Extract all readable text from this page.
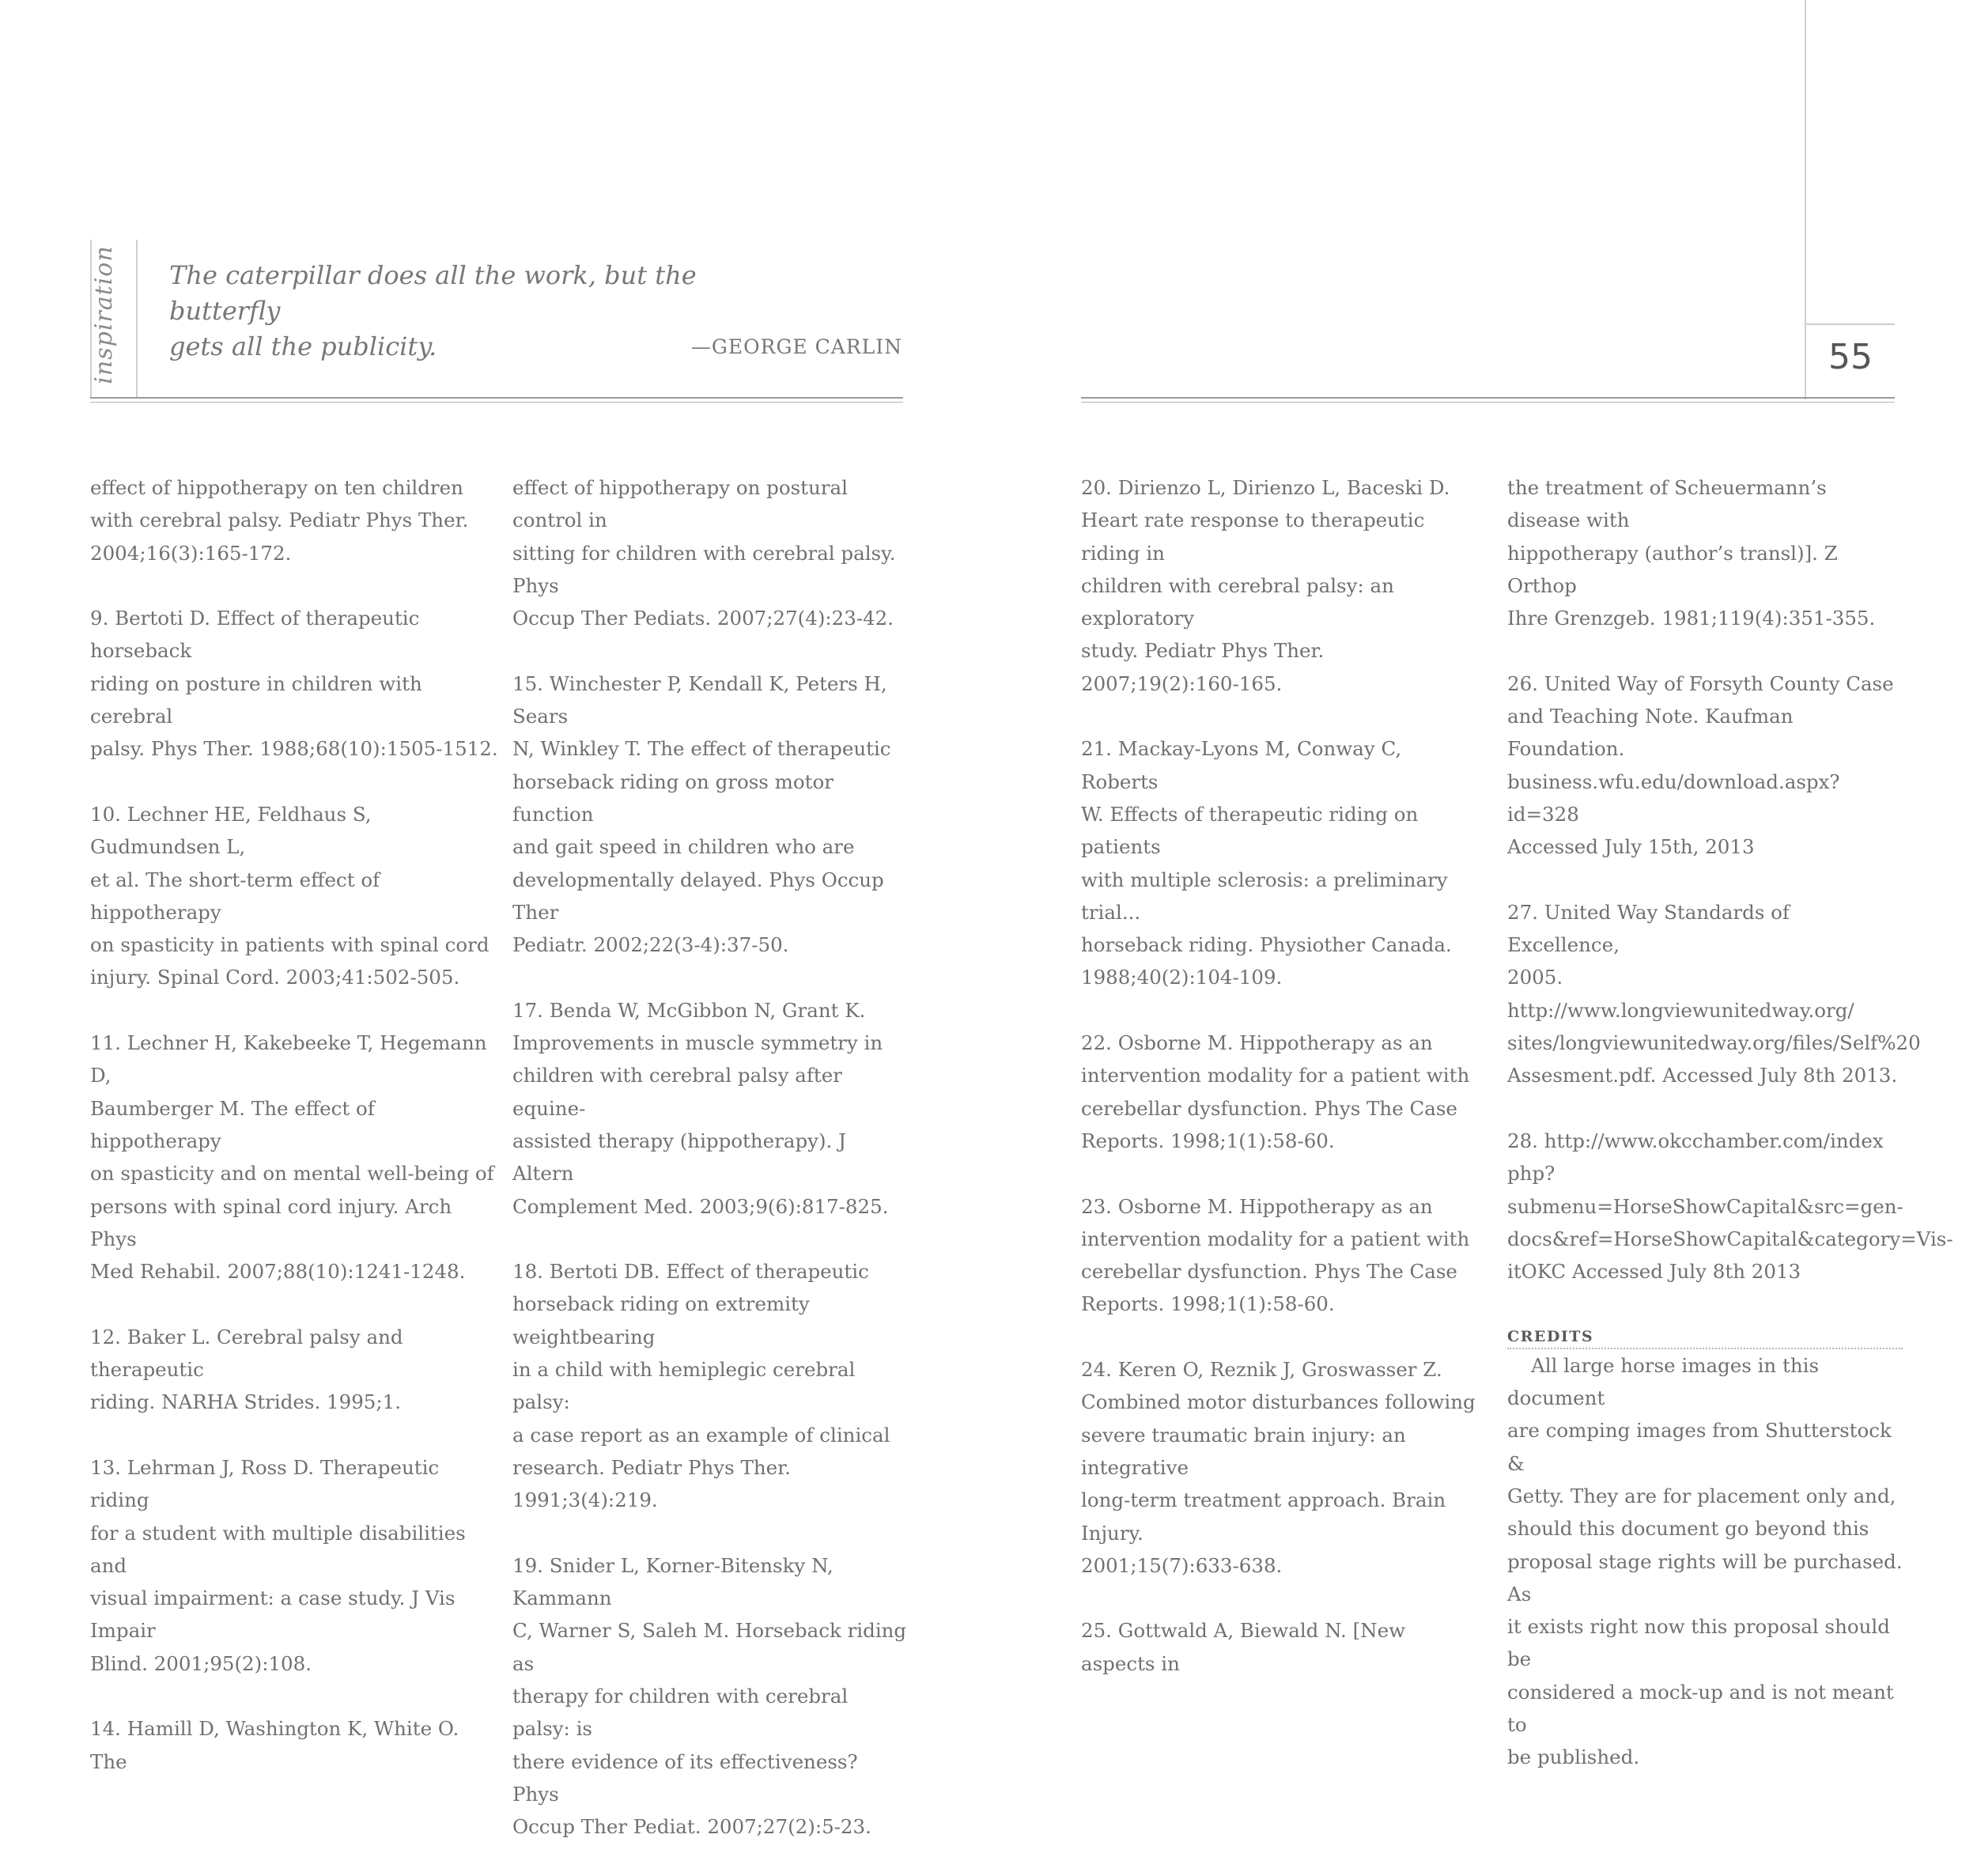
inspiration The caterpillar does all the work, but the butterfly
gets all the publicity.	—GEORGE CARLIN	55

effect of hippotherapy on ten children
with cerebral palsy. Pediatr Phys Ther.
2004;16(3):165-172.

9. Bertoti D. Effect of therapeutic horseback
riding on posture in children with cerebral
palsy. Phys Ther. 1988;68(10):1505-1512.

10. Lechner HE, Feldhaus S, Gudmundsen L,
et al. The short-term effect of hippotherapy
on spasticity in patients with spinal cord
injury. Spinal Cord. 2003;41:502-505.

11. Lechner H, Kakebeeke T, Hegemann D,
Baumberger M. The effect of hippotherapy
on spasticity and on mental well-being of
persons with spinal cord injury. Arch Phys
Med Rehabil. 2007;88(10):1241-1248.

12. Baker L. Cerebral palsy and therapeutic
riding. NARHA Strides. 1995;1.

13. Lehrman J, Ross D. Therapeutic riding
for a student with multiple disabilities and
visual impairment: a case study. J Vis Impair
Blind. 2001;95(2):108.

14. Hamill D, Washington K, White O. The

effect of hippotherapy on postural control in
sitting for children with cerebral palsy. Phys
Occup Ther Pediats. 2007;27(4):23-42.

15. Winchester P, Kendall K, Peters H, Sears
N, Winkley T. The effect of therapeutic
horseback riding on gross motor function
and gait speed in children who are
developmentally delayed. Phys Occup Ther
Pediatr. 2002;22(3-4):37-50.

17. Benda W, McGibbon N, Grant K.
Improvements in muscle symmetry in
children with cerebral palsy after equine-
assisted therapy (hippotherapy). J Altern
Complement Med. 2003;9(6):817-825.

18. Bertoti DB. Effect of therapeutic
horseback riding on extremity weightbearing
in a child with hemiplegic cerebral palsy:
a case report as an example of clinical
research. Pediatr Phys Ther. 1991;3(4):219.

19. Snider L, Korner-Bitensky N, Kammann
C, Warner S, Saleh M. Horseback riding as
therapy for children with cerebral palsy: is
there evidence of its effectiveness? Phys
Occup Ther Pediat. 2007;27(2):5-23.

20. Dirienzo L, Dirienzo L, Baceski D.
Heart rate response to therapeutic riding in
children with cerebral palsy: an exploratory
study. Pediatr Phys Ther. 2007;19(2):160-165.

21. Mackay-Lyons M, Conway C, Roberts
W. Effects of therapeutic riding on patients
with multiple sclerosis: a preliminary trial...
horseback riding. Physiother Canada.
1988;40(2):104-109.

22. Osborne M. Hippotherapy as an
intervention modality for a patient with
cerebellar dysfunction. Phys The Case
Reports. 1998;1(1):58-60.

23. Osborne M. Hippotherapy as an
intervention modality for a patient with
cerebellar dysfunction. Phys The Case
Reports. 1998;1(1):58-60.

24. Keren O, Reznik J, Groswasser Z.
Combined motor disturbances following
severe traumatic brain injury: an integrative
long-term treatment approach. Brain Injury.
2001;15(7):633-638.

25. Gottwald A, Biewald N. [New aspects in

the treatment of Scheuermann’s disease with
hippotherapy (author’s transl)]. Z Orthop
Ihre Grenzgeb. 1981;119(4):351-355.

26. United Way of Forsyth County Case
and Teaching Note. Kaufman Foundation.
business.wfu.edu/download.aspx?id=328
Accessed July 15th, 2013

27. United Way Standards of Excellence,
2005. http://www.longviewunitedway.org/
sites/longviewunitedway.org/files/Self%20
Assesment.pdf. Accessed July 8th 2013.

28. http://www.okcchamber.com/index
php?submenu=HorseShowCapital&src=gen-
docs&ref=HorseShowCapital&category=Vis-
itOKC Accessed July 8th 2013

CREDITS
All large horse images in this document
are comping images from Shutterstock &
Getty. They are for placement only and,
should this document go beyond this
proposal stage rights will be purchased. As
it exists right now this proposal should be
considered a mock-up and is not meant to
be published.
